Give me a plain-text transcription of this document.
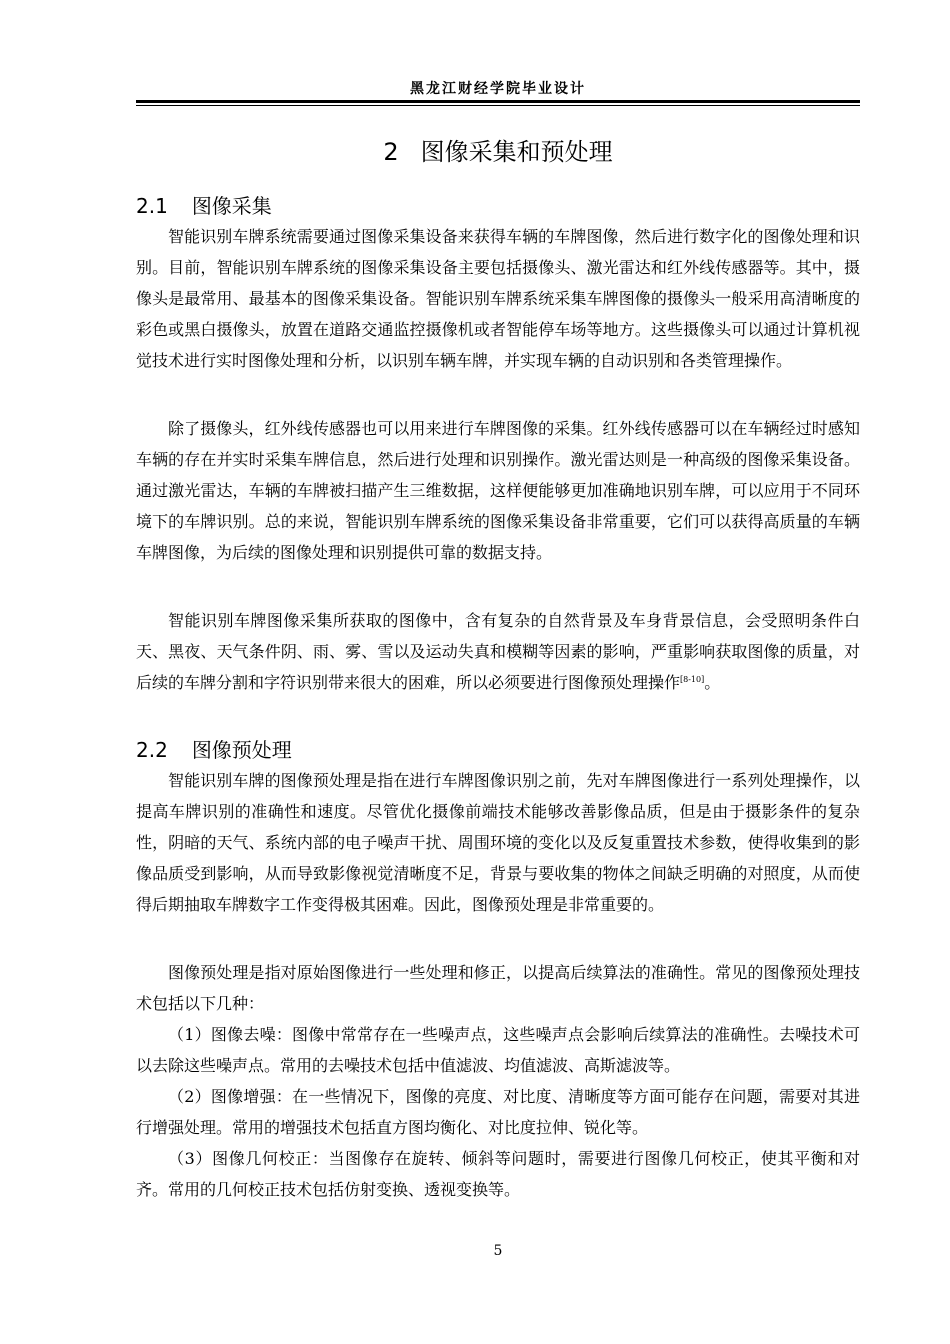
黑龙江财经学院毕业设计
2 图像采集和预处理
2.1 图像采集

智能识别车牌系统需要通过图像采集设备来获得车辆的车牌图像，然后进行数字化的图像处理和识别。目前，智能识别车牌系统的图像采集设备主要包括摄像头、激光雷达和红外线传感器等。其中，摄像头是最常用、最基本的图像采集设备。智能识别车牌系统采集车牌图像的摄像头一般采用高清晰度的彩色或黑白摄像头，放置在道路交通监控摄像机或者智能停车场等地方。这些摄像头可以通过计算机视觉技术进行实时图像处理和分析，以识别车辆车牌，并实现车辆的自动识别和各类管理操作。

除了摄像头，红外线传感器也可以用来进行车牌图像的采集。红外线传感器可以在车辆经过时感知车辆的存在并实时采集车牌信息，然后进行处理和识别操作。激光雷达则是一种高级的图像采集设备。通过激光雷达，车辆的车牌被扫描产生三维数据，这样便能够更加准确地识别车牌，可以应用于不同环境下的车牌识别。总的来说，智能识别车牌系统的图像采集设备非常重要，它们可以获得高质量的车辆车牌图像，为后续的图像处理和识别提供可靠的数据支持。

智能识别车牌图像采集所获取的图像中，含有复杂的自然背景及车身背景信息，会受照明条件白天、黑夜、天气条件阴、雨、雾、雪以及运动失真和模糊等因素的影响，严重影响获取图像的质量，对后续的车牌分割和字符识别带来很大的困难，所以必须要进行图像预处理操作[8-10]。

2.2 图像预处理

智能识别车牌的图像预处理是指在进行车牌图像识别之前，先对车牌图像进行一系列处理操作，以提高车牌识别的准确性和速度。尽管优化摄像前端技术能够改善影像品质，但是由于摄影条件的复杂性，阴暗的天气、系统内部的电子噪声干扰、周围环境的变化以及反复重置技术参数，使得收集到的影像品质受到影响，从而导致影像视觉清晰度不足，背景与要收集的物体之间缺乏明确的对照度，从而使得后期抽取车牌数字工作变得极其困难。因此，图像预处理是非常重要的。

图像预处理是指对原始图像进行一些处理和修正，以提高后续算法的准确性。常见的图像预处理技术包括以下几种：

（1）图像去噪：图像中常常存在一些噪声点，这些噪声点会影响后续算法的准确性。去噪技术可以去除这些噪声点。常用的去噪技术包括中值滤波、均值滤波、高斯滤波等。

（2）图像增强：在一些情况下，图像的亮度、对比度、清晰度等方面可能存在问题，需要对其进行增强处理。常用的增强技术包括直方图均衡化、对比度拉伸、锐化等。

（3）图像几何校正：当图像存在旋转、倾斜等问题时，需要进行图像几何校正，使其平衡和对齐。常用的几何校正技术包括仿射变换、透视变换等。

5
